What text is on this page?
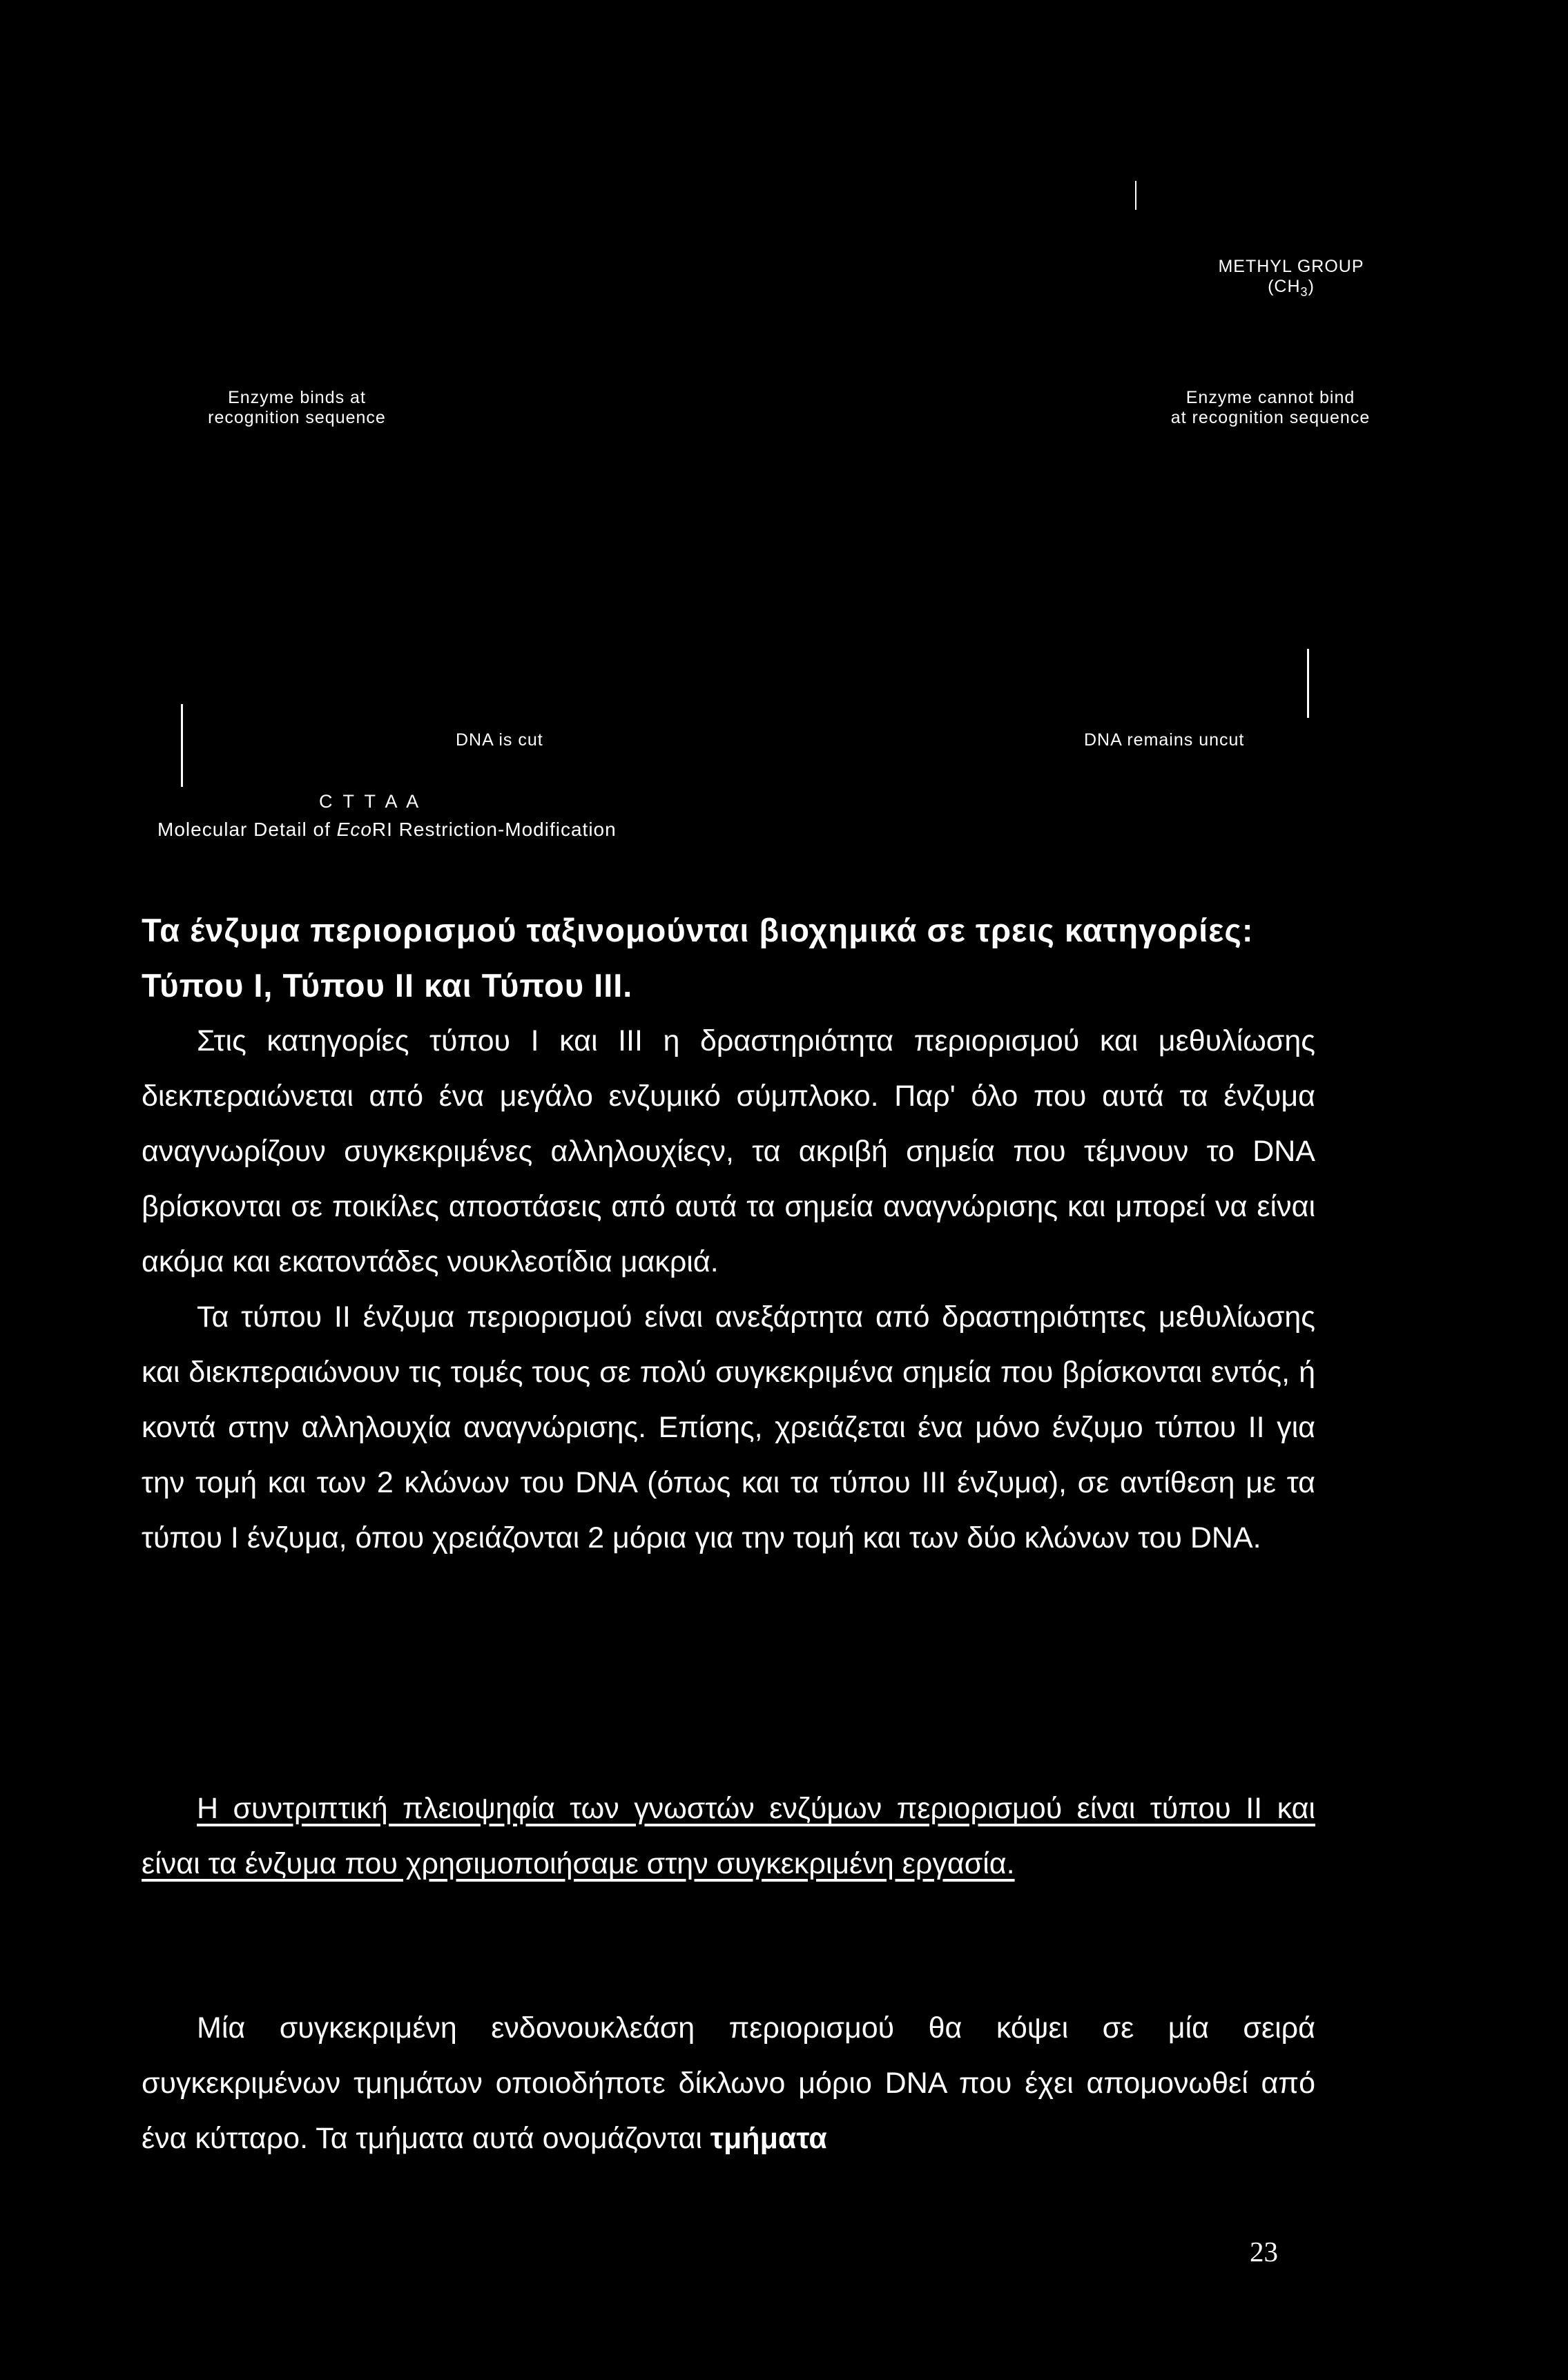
METHYL GROUP
$(CH_3)$
Enzyme binds at
recognition sequence
Enzyme cannot bind
at recognition sequence
DNA is cut	DNA remains uncut
C T T A A
Molecular Detail of EcoRI Restriction-Modification
Τα ένζυμα περιορισμού ταξινομούνται βιοχημικά σε τρεις κατηγορίες:
Τύπου I, Τύπου II και Τύπου III.

Στις κατηγορίες τύπου I και III η δραστηριότητα περιορισμού και μεθυλίωσης διεκπεραιώνεται από ένα μεγάλο ενζυμικό σύμπλοκο. Παρ' όλο που αυτά τα ένζυμα αναγνωρίζουν συγκεκριμένες αλληλουχίεςν, τα ακριβή σημεία που τέμνουν το DNA βρίσκονται σε ποικίλες αποστάσεις από αυτά τα σημεία αναγνώρισης και μπορεί να είναι ακόμα και εκατοντάδες νουκλεοτίδια μακριά.

Τα τύπου II ένζυμα περιορισμού είναι ανεξάρτητα από δραστηριότητες μεθυλίωσης και διεκπεραιώνουν τις τομές τους σε πολύ συγκεκριμένα σημεία που βρίσκονται εντός, ή κοντά στην αλληλουχία αναγνώρισης. Επίσης, χρειάζεται ένα μόνο ένζυμο τύπου II για την τομή και των 2 κλώνων του DNA (όπως και τα τύπου III ένζυμα), σε αντίθεση με τα τύπου I ένζυμα, όπου χρειάζονται 2 μόρια για την τομή και των δύο κλώνων του DNA.

Η συντριπτική πλειοψηφία των γνωστών ενζύμων περιορισμού είναι τύπου II και είναι τα ένζυμα που χρησιμοποιήσαμε στην συγκεκριμένη εργασία.

Μία συγκεκριμένη ενδονουκλεάση περιορισμού θα κόψει σε μία σειρά συγκεκριμένων τμημάτων οποιοδήποτε δίκλωνο μόριο DNA που έχει απομονωθεί από ένα κύτταρο. Τα τμήματα αυτά ονομάζονται τμήματα

23
